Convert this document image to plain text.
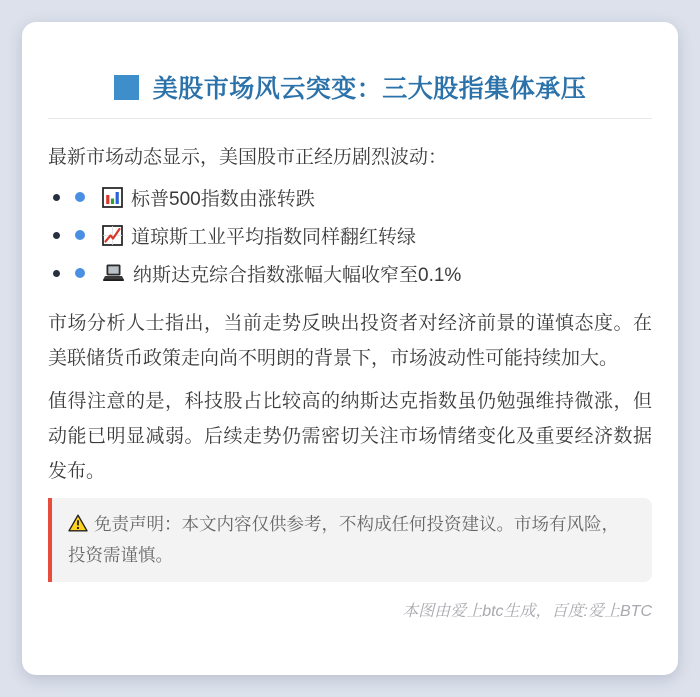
美股市场风云突变：三大股指集体承压

最新市场动态显示，美国股市正经历剧烈波动：

标普500指数由涨转跌
道琼斯工业平均指数同样翻红转绿
纳斯达克综合指数涨幅大幅收窄至0.1%

市场分析人士指出，当前走势反映出投资者对经济前景的谨慎态度。在美联储货币政策走向尚不明朗的背景下，市场波动性可能持续加大。

值得注意的是，科技股占比较高的纳斯达克指数虽仍勉强维持微涨，但动能已明显减弱。后续走势仍需密切关注市场情绪变化及重要经济数据发布。

免责声明：本文内容仅供参考，不构成任何投资建议。市场有风险，投资需谨慎。

本图由爱上btc生成，百度:爱上BTC
